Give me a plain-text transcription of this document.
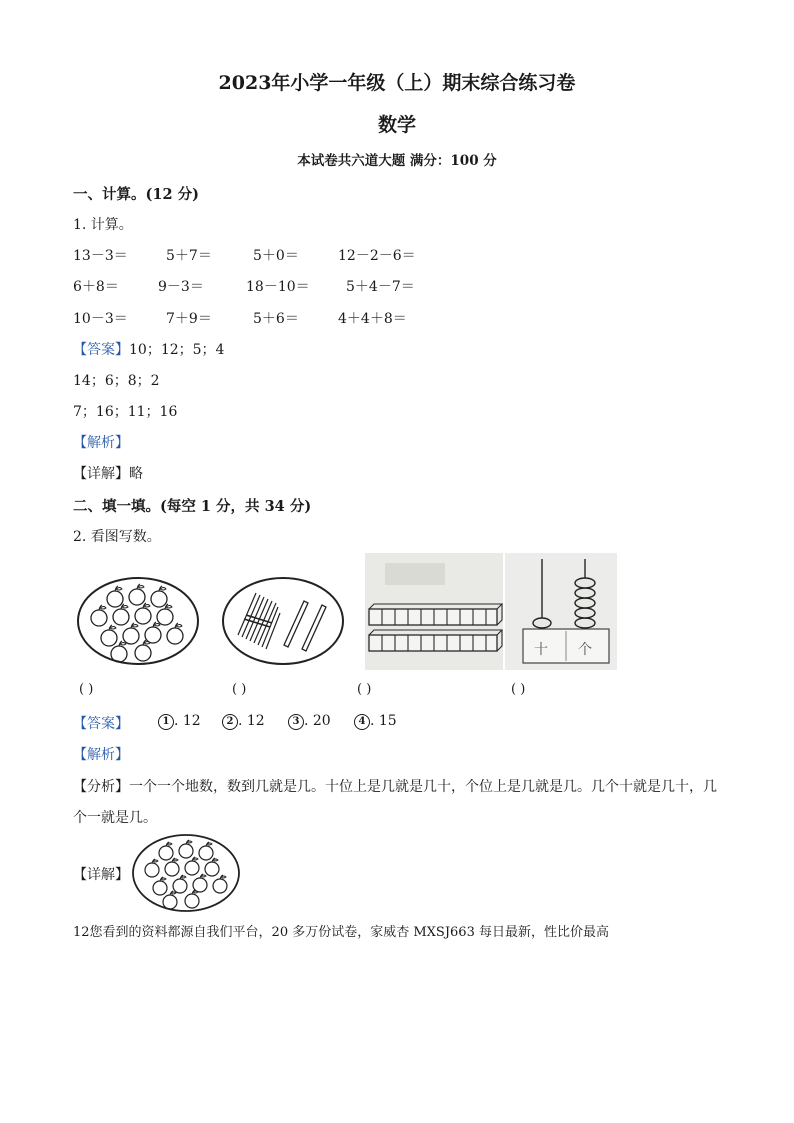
2023年小学一年级（上）期末综合练习卷
数学
本试卷共六道大题 满分：100 分
一、计算。(12 分)
1. 计算。
13－3＝	5＋7＝	5＋0＝	12－2－6＝
6＋8＝	9－3＝	18－10＝	5＋4－7＝
10－3＝	7＋9＝	5＋6＝	4＋4＋8＝
【答案】10；12；5；4
14；6；8；2
7；16；11；16
【解析】
【详解】略
二、填一填。(每空 1 分，共 34 分)
2. 看图写数。
十 个
( )	( )	( )	( )
【答案】	1 . 12	2 . 12	3 . 20	4 . 15
【解析】
【分析】一个一个地数，数到几就是几。十位上是几就是几十，个位上是几就是几。几个十就是几十，几
个一就是几。
【详解】
12您看到的资料都源自我们平台，20 多万份试卷，家威杏 MXSJ663 每日最新，性比价最高
